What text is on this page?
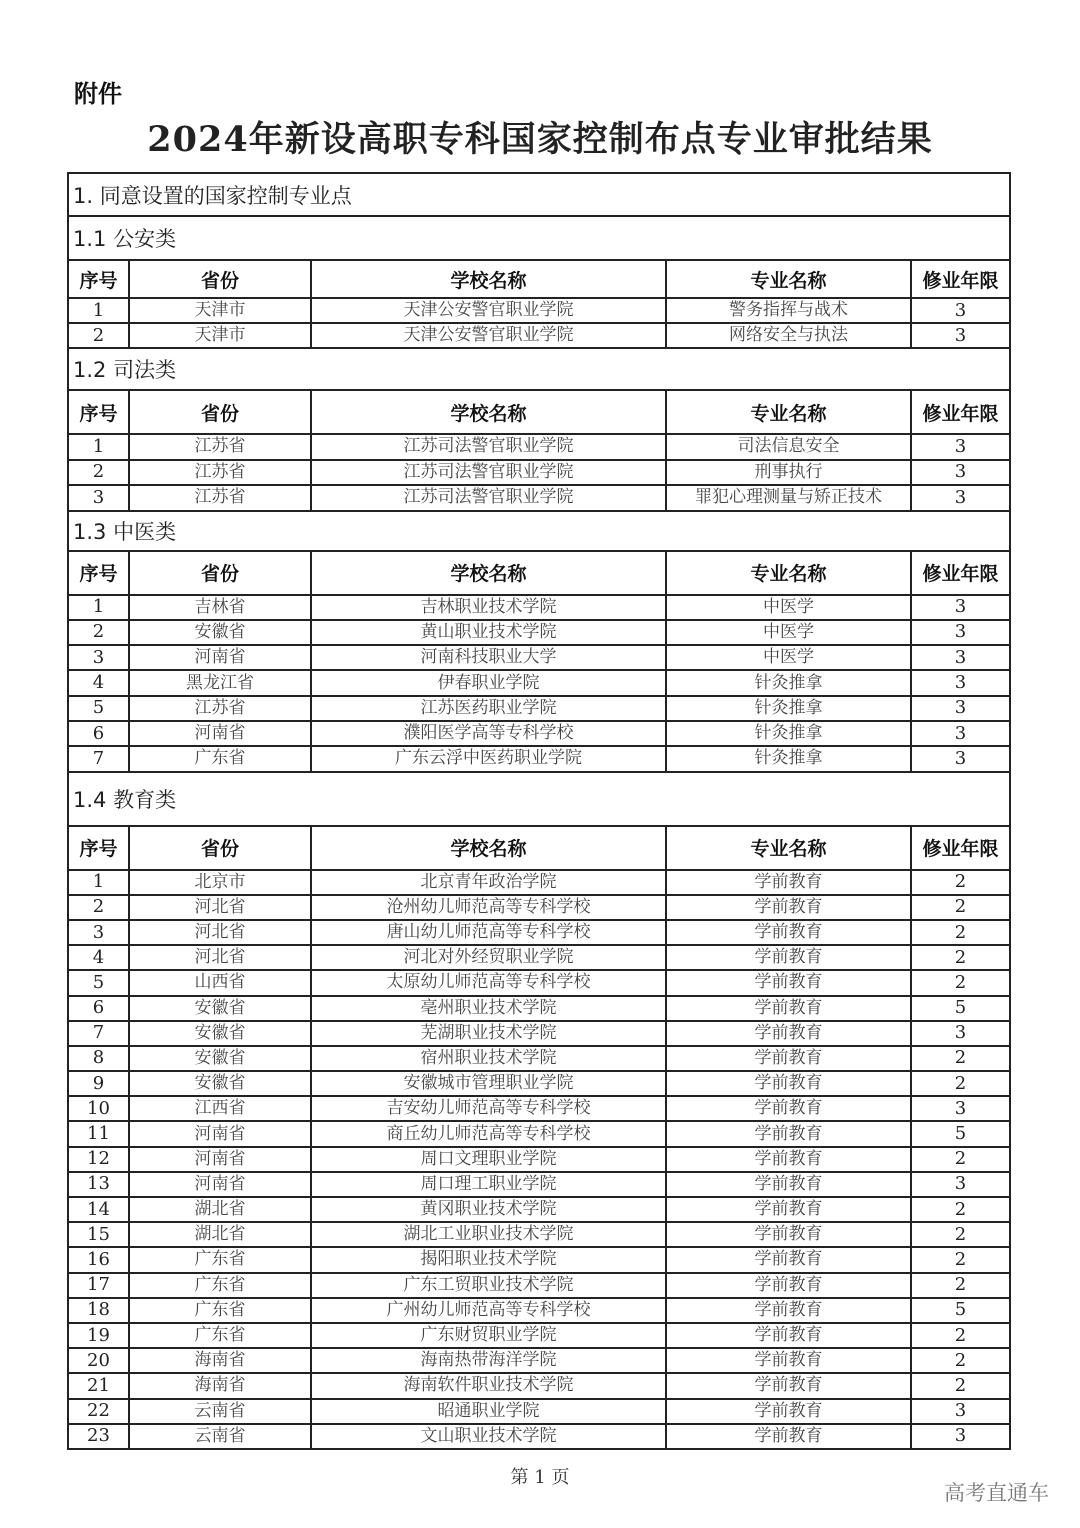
附件
2024年新设高职专科国家控制布点专业审批结果
1. 同意设置的国家控制专业点
1.1 公安类
序号	省份	学校名称	专业名称	修业年限
1	天津市	天津公安警官职业学院	警务指挥与战术	3
2	天津市	天津公安警官职业学院	网络安全与执法	3
1.2 司法类
序号	省份	学校名称	专业名称	修业年限
1	江苏省	江苏司法警官职业学院	司法信息安全	3
2	江苏省	江苏司法警官职业学院	刑事执行	3
3	江苏省	江苏司法警官职业学院	罪犯心理测量与矫正技术	3
1.3 中医类
序号	省份	学校名称	专业名称	修业年限
1	吉林省	吉林职业技术学院	中医学	3
2	安徽省	黄山职业技术学院	中医学	3
3	河南省	河南科技职业大学	中医学	3
4	黑龙江省	伊春职业学院	针灸推拿	3
5	江苏省	江苏医药职业学院	针灸推拿	3
6	河南省	濮阳医学高等专科学校	针灸推拿	3
7	广东省	广东云浮中医药职业学院	针灸推拿	3
1.4 教育类
序号	省份	学校名称	专业名称	修业年限
1	北京市	北京青年政治学院	学前教育	2
2	河北省	沧州幼儿师范高等专科学校	学前教育	2
3	河北省	唐山幼儿师范高等专科学校	学前教育	2
4	河北省	河北对外经贸职业学院	学前教育	2
5	山西省	太原幼儿师范高等专科学校	学前教育	2
6	安徽省	亳州职业技术学院	学前教育	5
7	安徽省	芜湖职业技术学院	学前教育	3
8	安徽省	宿州职业技术学院	学前教育	2
9	安徽省	安徽城市管理职业学院	学前教育	2
10	江西省	吉安幼儿师范高等专科学校	学前教育	3
11	河南省	商丘幼儿师范高等专科学校	学前教育	5
12	河南省	周口文理职业学院	学前教育	2
13	河南省	周口理工职业学院	学前教育	3
14	湖北省	黄冈职业技术学院	学前教育	2
15	湖北省	湖北工业职业技术学院	学前教育	2
16	广东省	揭阳职业技术学院	学前教育	2
17	广东省	广东工贸职业技术学院	学前教育	2
18	广东省	广州幼儿师范高等专科学校	学前教育	5
19	广东省	广东财贸职业学院	学前教育	2
20	海南省	海南热带海洋学院	学前教育	2
21	海南省	海南软件职业技术学院	学前教育	2
22	云南省	昭通职业学院	学前教育	3
23	云南省	文山职业技术学院	学前教育	3
第 1 页
高考直通车
